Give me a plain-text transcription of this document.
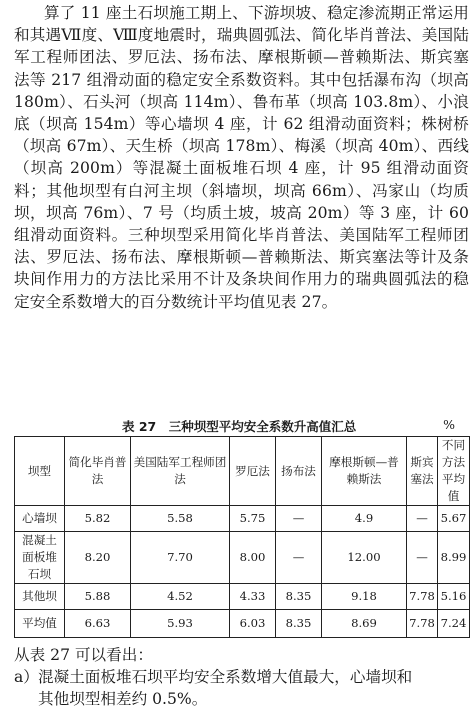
算了 11 座土石坝施工期上、下游坝坡、稳定渗流期正常运用和其遇Ⅶ度、Ⅷ度地震时，瑞典圆弧法、简化毕肖普法、美国陆军工程师团法、罗厄法、扬布法、摩根斯顿—普赖斯法、斯宾塞法等 217 组滑动面的稳定安全系数资料。其中包括瀑布沟（坝高 180m）、石头河（坝高 114m）、鲁布革（坝高 103.8m）、小浪底（坝高 154m）等心墙坝 4 座，计 62 组滑动面资料；株树桥（坝高 67m）、天生桥（坝高 178m）、梅溪（坝高 40m）、西线（坝高 200m）等混凝土面板堆石坝 4 座，计 95 组滑动面资料；其他坝型有白河主坝（斜墙坝，坝高 66m）、冯家山（均质坝，坝高 76m）、7 号（均质土坡，坡高 20m）等 3 座，计 60 组滑动面资料。三种坝型采用简化毕肖普法、美国陆军工程师团法、罗厄法、扬布法、摩根斯顿—普赖斯法、斯宾塞法等计及条块间作用力的方法比采用不计及条块间作用力的瑞典圆弧法的稳定安全系数增大的百分数统计平均值见表 27。

表 27　三种坝型平均安全系数升高值汇总	%
坝型	简化毕肖普法	美国陆军工程师团法	罗厄法	扬布法	摩根斯顿—普赖斯法	斯宾塞法	不同方法平均值
心墙坝	5.82	5.58	5.75	—	4.9	—	5.67
混凝土面板堆石坝	8.20	7.70	8.00	—	12.00	—	8.99
其他坝	5.88	4.52	4.33	8.35	9.18	7.78	5.16
平均值	6.63	5.93	6.03	8.35	8.69	7.78	7.24

从表 27 可以看出：

a）混凝土面板堆石坝平均安全系数增大值最大，心墙坝和
其他坝型相差约 0.5%。
